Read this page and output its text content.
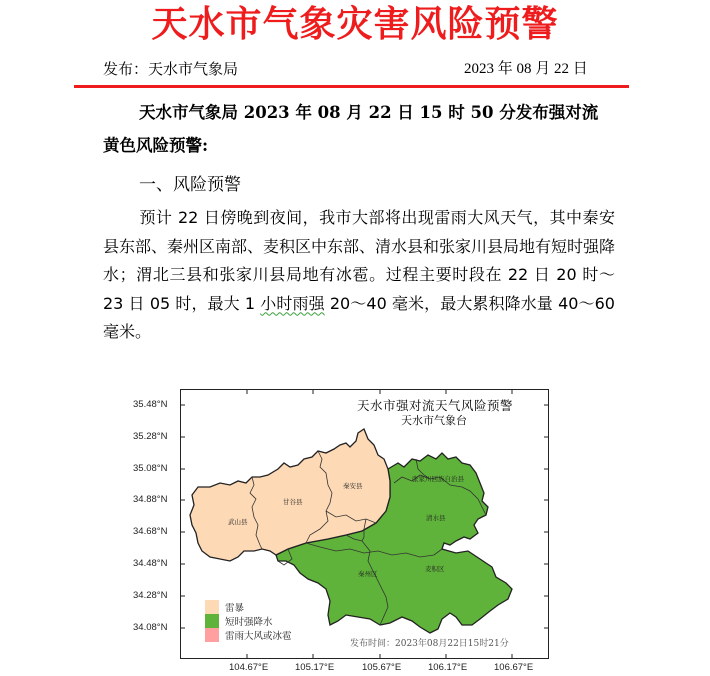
天水市气象灾害风险预警
发布：天水市气象局	2023 年 08 月 22 日
天水市气象局 2023 年 08 月 22 日 15 时 50 分发布强对流
黄色风险预警:
一、风险预警
预计 22 日傍晚到夜间，我市大部将出现雷雨大风天气，其中秦安县东部、秦州区南部、麦积区中东部、清水县和张家川县局地有短时强降水；渭北三县和张家川县局地有冰雹。过程主要时段在 22 日 20 时～23 日 05 时，最大 1 小时雨强 20～40 毫米，最大累积降水量 40～60 毫米。
武山县
甘谷县
秦安县
张家川回族自治县
清水县
秦州区
麦积区
天水市强对流天气风险预警
天水市气象台
35.48°N
35.28°N
35.08°N
34.88°N
34.68°N
34.48°N
34.28°N
34.08°N
104.67°E	105.17°E	105.67°E	106.17°E	106.67°E
雷暴
短时强降水
雷雨大风或冰雹
发布时间：2023年08月22日15时21分
